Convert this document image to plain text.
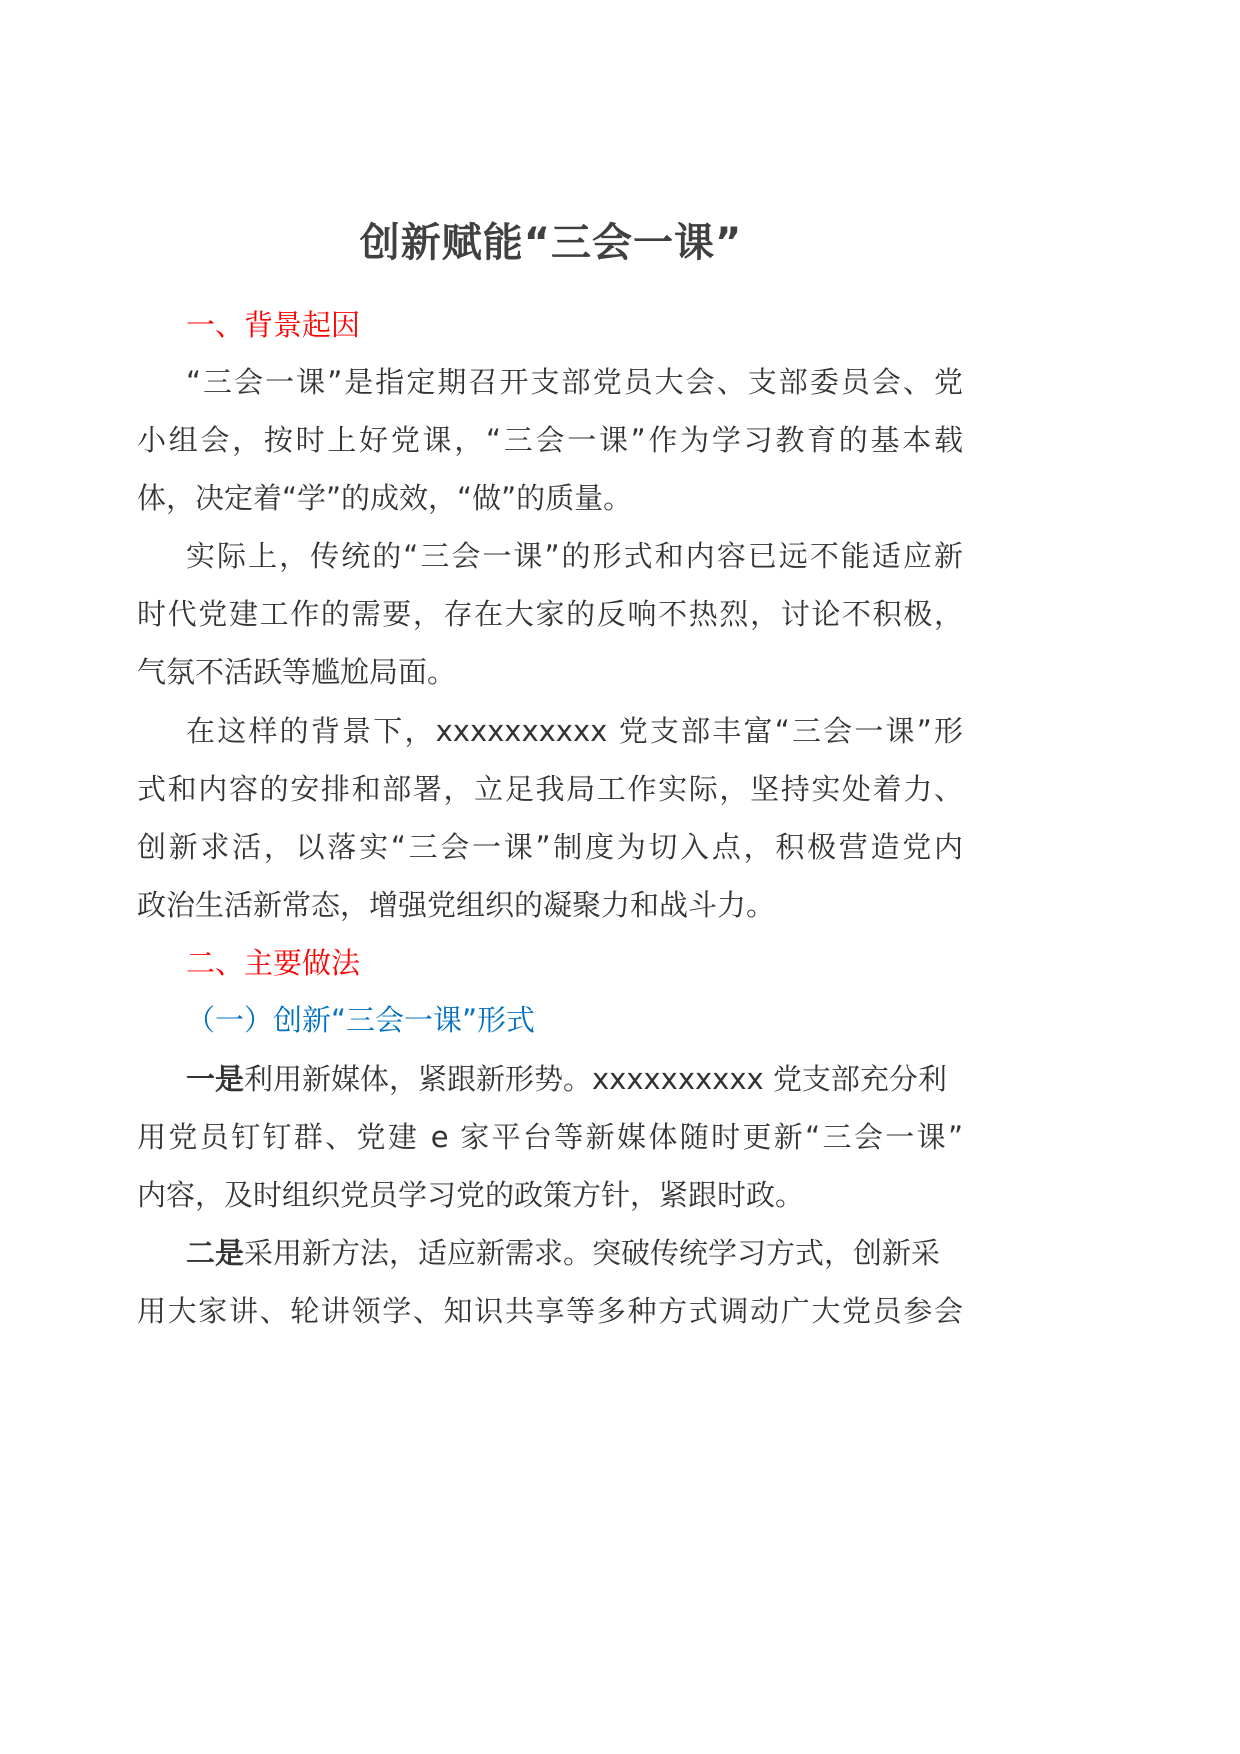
创新赋能“三会一课”
一、背景起因
“三会一课”是指定期召开支部党员大会、支部委员会、党
小组会，按时上好党课，“三会一课”作为学习教育的基本载
体，决定着“学”的成效，“做”的质量。
实际上，传统的“三会一课”的形式和内容已远不能适应新
时代党建工作的需要，存在大家的反响不热烈，讨论不积极，
气氛不活跃等尴尬局面。
在这样的背景下，xxxxxxxxxx 党支部丰富“三会一课”形
式和内容的安排和部署，立足我局工作实际，坚持实处着力、
创新求活，以落实“三会一课”制度为切入点，积极营造党内
政治生活新常态，增强党组织的凝聚力和战斗力。
二、主要做法
（一）创新“三会一课”形式
一是利用新媒体，紧跟新形势。xxxxxxxxxx 党支部充分利
用党员钉钉群、党建 e 家平台等新媒体随时更新“三会一课”
内容，及时组织党员学习党的政策方针，紧跟时政。
二是采用新方法，适应新需求。突破传统学习方式，创新采
用大家讲、轮讲领学、知识共享等多种方式调动广大党员参会
